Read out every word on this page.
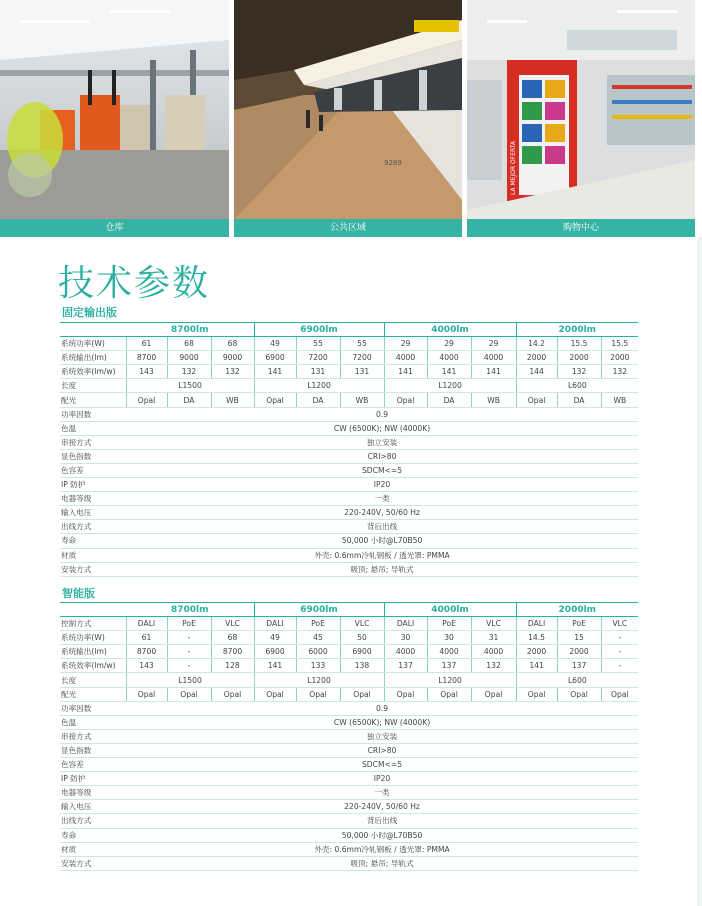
仓库
9289
公共区域
LA MEJOR OFERTA
购物中心
技术参数
固定输出版
	8700lm			6900lm			4000lm			2000lm		
系统功率(W)	61	68	68	49	55	55	29	29	29	14.2	15.5	15.5
系统输出(lm)	8700	9000	9000	6900	7200	7200	4000	4000	4000	2000	2000	2000
系统效率(lm/w)	143	132	132	141	131	131	141	141	141	144	132	132
长度	L1500			L1200			L1200			L600		
配光	Opal	DA	WB	Opal	DA	WB	Opal	DA	WB	Opal	DA	WB
功率因数	0.9											
色温	CW (6500K); NW (4000K)											
串接方式	独立安装											
显色指数	CRI>80											
色容差	SDCM<=5											
IP 防护	IP20											
电器等级	一类											
输入电压	220-240V, 50/60 Hz											
出线方式	背后出线											
寿命	50,000 小时@L70B50											
材质	外壳: 0.6mm冷轧钢板 / 透光罩: PMMA											
安装方式	吸顶; 悬吊; 导轨式											
智能版
	8700lm			6900lm			4000lm			2000lm		
控制方式	DALI	PoE	VLC	DALI	PoE	VLC	DALI	PoE	VLC	DALI	PoE	VLC
系统功率(W)	61	-	68	49	45	50	30	30	31	14.5	15	-
系统输出(lm)	8700	-	8700	6900	6000	6900	4000	4000	4000	2000	2000	-
系统效率(lm/w)	143	-	128	141	133	138	137	137	132	141	137	-
长度	L1500			L1200			L1200			L600		
配光	Opal	Opal	Opal	Opal	Opal	Opal	Opal	Opal	Opal	Opal	Opal	Opal
功率因数	0.9											
色温	CW (6500K); NW (4000K)											
串接方式	独立安装											
显色指数	CRI>80											
色容差	SDCM<=5											
IP 防护	IP20											
电器等级	一类											
输入电压	220-240V, 50/60 Hz											
出线方式	背后出线											
寿命	50,000 小时@L70B50											
材质	外壳: 0.6mm冷轧钢板 / 透光罩: PMMA											
安装方式	吸顶; 悬吊; 导轨式											
